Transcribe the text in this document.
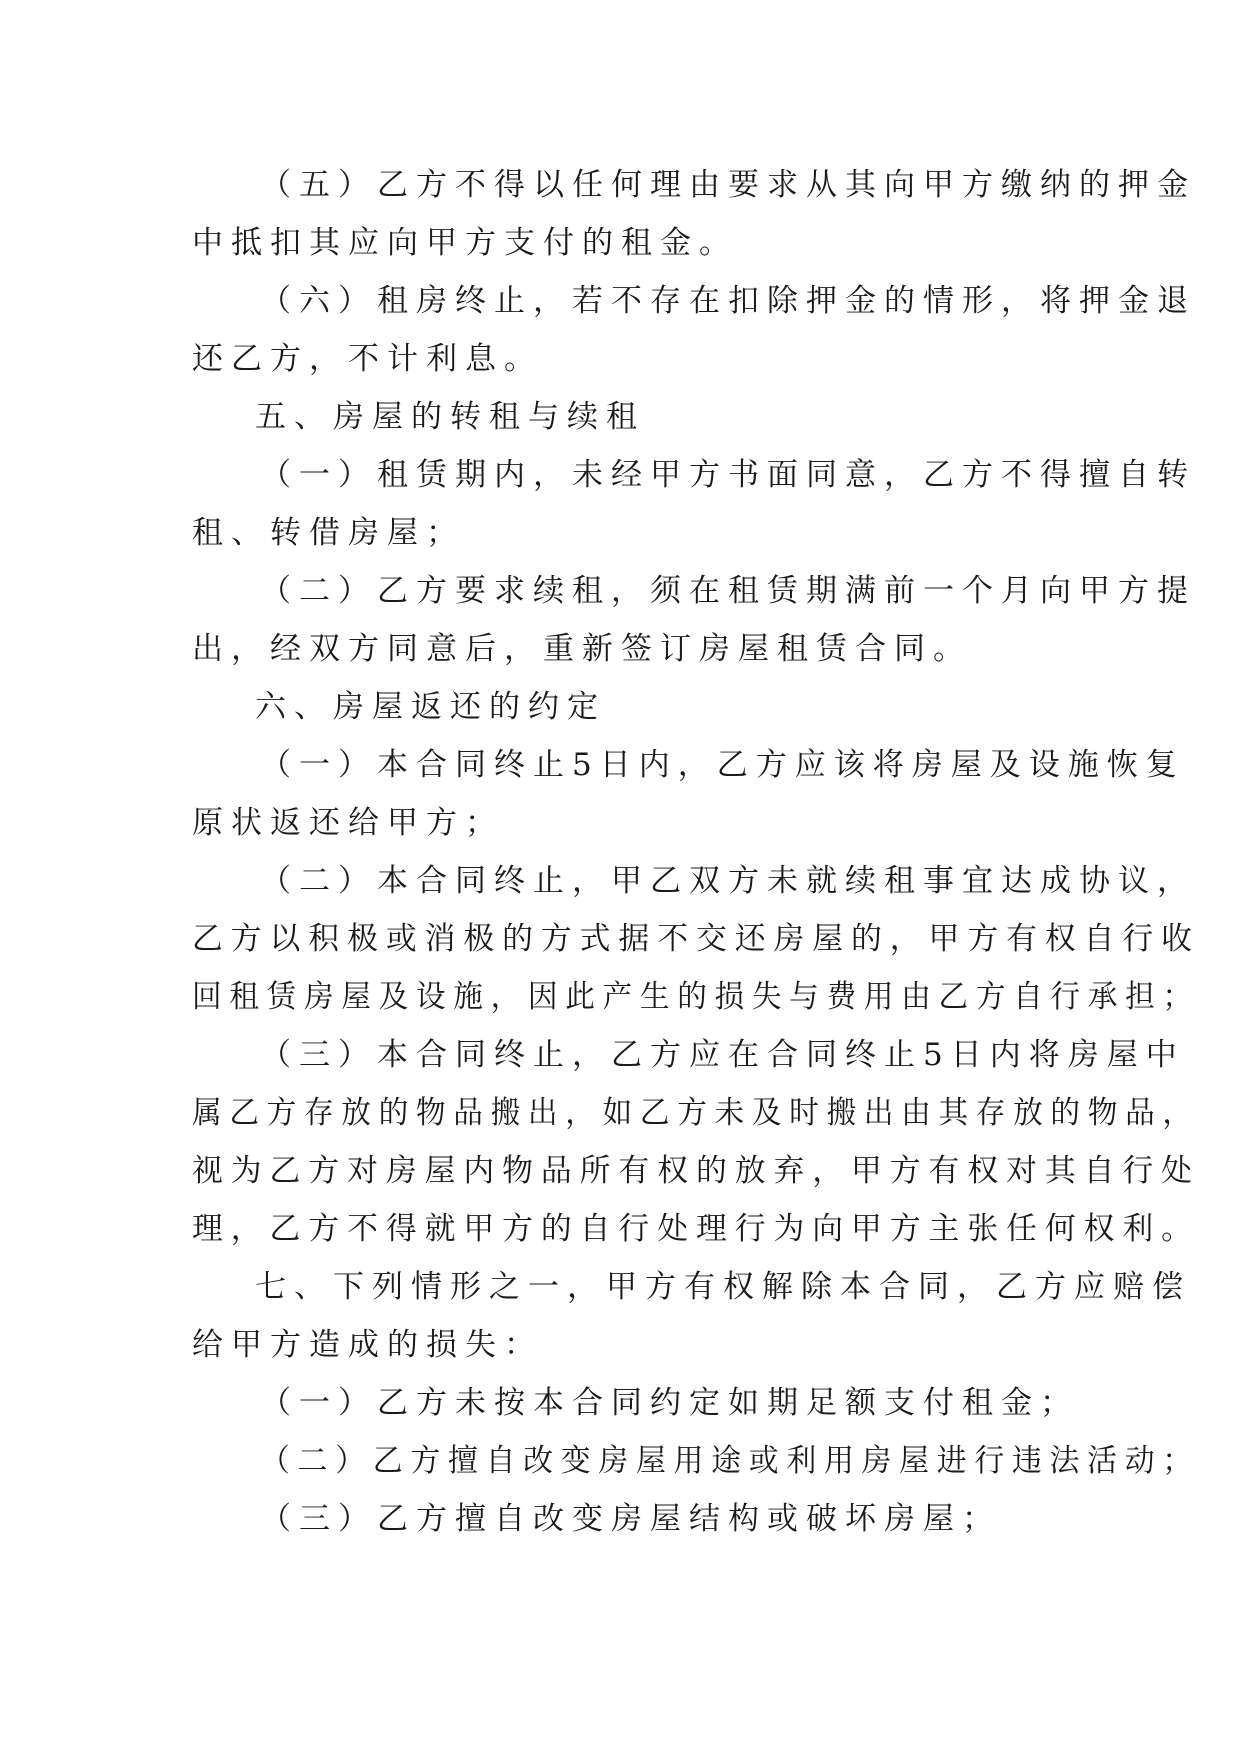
（五）乙方不得以任何理由要求从其向甲方缴纳的押金
中抵扣其应向甲方支付的租金。
（六）租房终止，若不存在扣除押金的情形，将押金退
还乙方，不计利息。
五、房屋的转租与续租
（一）租赁期内，未经甲方书面同意，乙方不得擅自转
租、转借房屋；
（二）乙方要求续租，须在租赁期满前一个月向甲方提
出，经双方同意后，重新签订房屋租赁合同。
六、房屋返还的约定
（一）本合同终止5日内，乙方应该将房屋及设施恢复
原状返还给甲方；
（二）本合同终止，甲乙双方未就续租事宜达成协议，
乙方以积极或消极的方式据不交还房屋的，甲方有权自行收
回租赁房屋及设施，因此产生的损失与费用由乙方自行承担；
（三）本合同终止，乙方应在合同终止5日内将房屋中
属乙方存放的物品搬出，如乙方未及时搬出由其存放的物品，
视为乙方对房屋内物品所有权的放弃，甲方有权对其自行处
理，乙方不得就甲方的自行处理行为向甲方主张任何权利。
七、下列情形之一，甲方有权解除本合同，乙方应赔偿
给甲方造成的损失：
（一）乙方未按本合同约定如期足额支付租金；
（二）乙方擅自改变房屋用途或利用房屋进行违法活动；
（三）乙方擅自改变房屋结构或破坏房屋；
